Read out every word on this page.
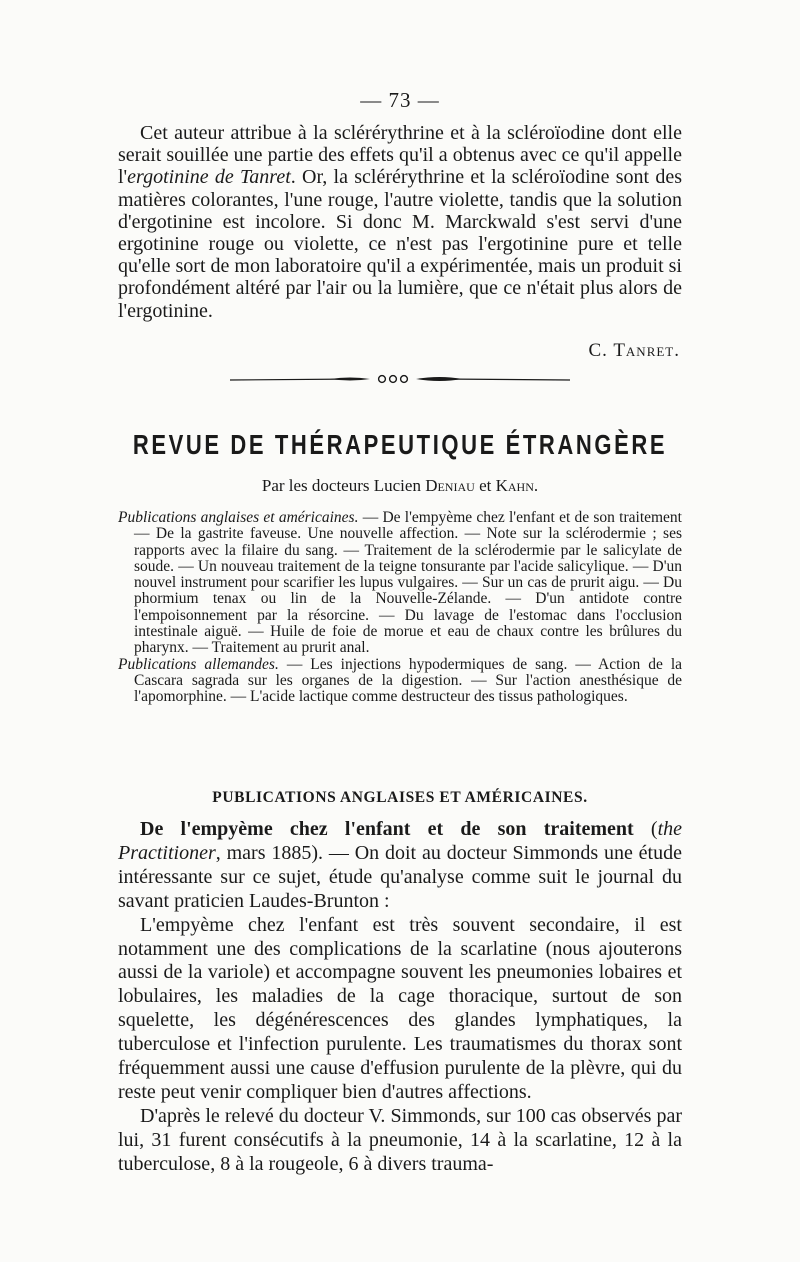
— 73 —

Cet auteur attribue à la sclérérythrine et à la scléroïodine dont elle serait souillée une partie des effets qu'il a obtenus avec ce qu'il appelle l'ergotinine de Tanret. Or, la sclérérythrine et la scléroïodine sont des matières colorantes, l'une rouge, l'autre violette, tandis que la solution d'ergotinine est incolore. Si donc M. Marckwald s'est servi d'une ergotinine rouge ou violette, ce n'est pas l'ergotinine pure et telle qu'elle sort de mon laboratoire qu'il a expérimentée, mais un produit si profondément altéré par l'air ou la lumière, que ce n'était plus alors de l'ergotinine.

C. Tanret.
REVUE DE THÉRAPEUTIQUE ÉTRANGÈRE
Par les docteurs Lucien Deniau et Kahn.

Publications anglaises et américaines. — De l'empyème chez l'enfant et de son traitement — De la gastrite faveuse. Une nouvelle affection. — Note sur la sclérodermie ; ses rapports avec la filaire du sang. — Traitement de la sclérodermie par le salicylate de soude. — Un nouveau traitement de la teigne tonsurante par l'acide salicylique. — D'un nouvel instrument pour scarifier les lupus vulgaires. — Sur un cas de prurit aigu. — Du phormium tenax ou lin de la Nouvelle-Zélande. — D'un antidote contre l'empoisonnement par la résorcine. — Du lavage de l'estomac dans l'occlusion intestinale aiguë. — Huile de foie de morue et eau de chaux contre les brûlures du pharynx. — Traitement au prurit anal.

Publications allemandes. — Les injections hypodermiques de sang. — Action de la Cascara sagrada sur les organes de la digestion. — Sur l'action anesthésique de l'apomorphine. — L'acide lactique comme destructeur des tissus pathologiques.

PUBLICATIONS ANGLAISES ET AMÉRICAINES.

De l'empyème chez l'enfant et de son traitement (the Practitioner, mars 1885). — On doit au docteur Simmonds une étude intéressante sur ce sujet, étude qu'analyse comme suit le journal du savant praticien Laudes-Brunton :

L'empyème chez l'enfant est très souvent secondaire, il est notamment une des complications de la scarlatine (nous ajouterons aussi de la variole) et accompagne souvent les pneumonies lobaires et lobulaires, les maladies de la cage thoracique, surtout de son squelette, les dégénérescences des glandes lymphatiques, la tuberculose et l'infection purulente. Les traumatismes du thorax sont fréquemment aussi une cause d'effusion purulente de la plèvre, qui du reste peut venir compliquer bien d'autres affections.

D'après le relevé du docteur V. Simmonds, sur 100 cas observés par lui, 31 furent consécutifs à la pneumonie, 14 à la scarlatine, 12 à la tuberculose, 8 à la rougeole, 6 à divers trauma-
